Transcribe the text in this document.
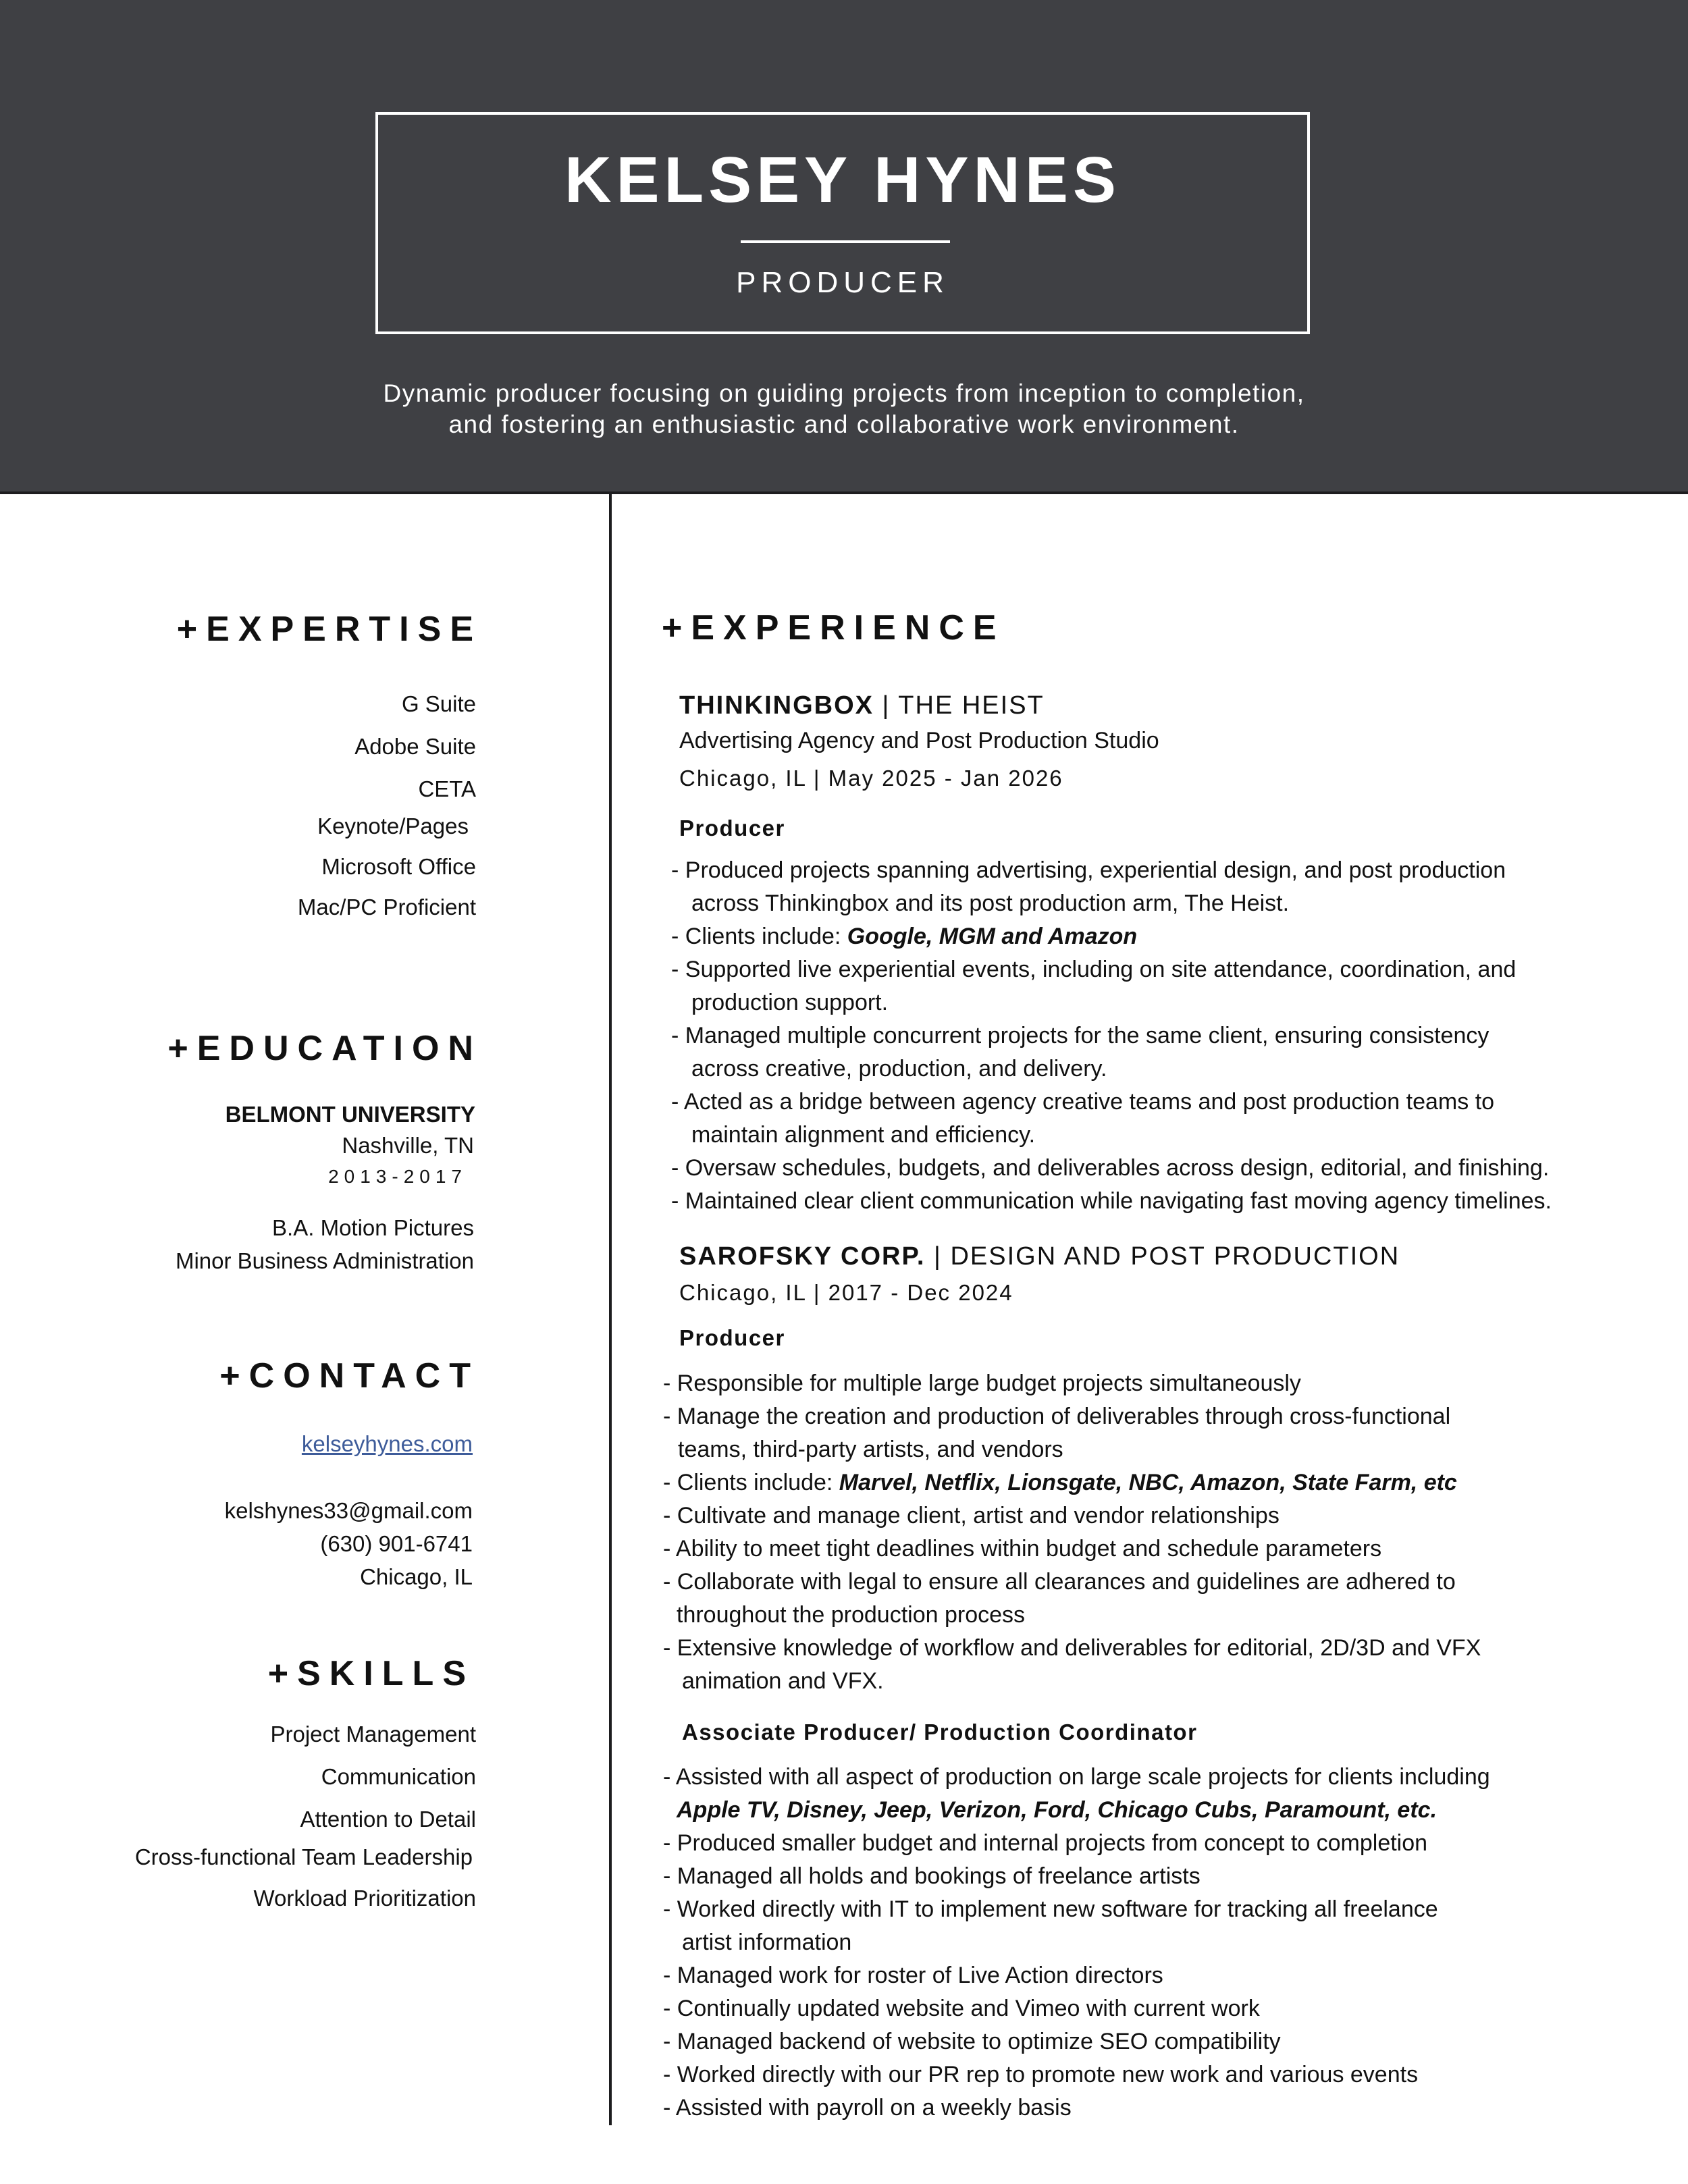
KELSEY HYNES
PRODUCER
Dynamic producer focusing on guiding projects from inception to completion,
and fostering an enthusiastic and collaborative work environment.
+EXPERTISE
G Suite
Adobe Suite
CETA
Keynote/Pages
Microsoft Office
Mac/PC Proficient
+EDUCATION
BELMONT UNIVERSITY
Nashville, TN
2013-2017
B.A. Motion Pictures
Minor Business Administration
+CONTACT
kelseyhynes.com
kelshynes33@gmail.com
(630) 901-6741
Chicago, IL
+SKILLS
Project Management
Communication
Attention to Detail
Cross-functional Team Leadership
Workload Prioritization
+EXPERIENCE
THINKINGBOX | THE HEIST
Advertising Agency and Post Production Studio
Chicago, IL | May 2025 - Jan 2026
Producer
- Produced projects spanning advertising, experiential design, and post production
across Thinkingbox and its post production arm, The Heist.
- Clients include: Google, MGM and Amazon
- Supported live experiential events, including on site attendance, coordination, and
production support.
- Managed multiple concurrent projects for the same client, ensuring consistency
across creative, production, and delivery.
- Acted as a bridge between agency creative teams and post production teams to
maintain alignment and efficiency.
- Oversaw schedules, budgets, and deliverables across design, editorial, and finishing.
- Maintained clear client communication while navigating fast moving agency timelines.
SAROFSKY CORP. | DESIGN AND POST PRODUCTION
Chicago, IL | 2017 - Dec 2024
Producer
- Responsible for multiple large budget projects simultaneously
- Manage the creation and production of deliverables through cross-functional
teams, third-party artists, and vendors
- Clients include: Marvel, Netflix, Lionsgate, NBC, Amazon, State Farm, etc
- Cultivate and manage client, artist and vendor relationships
- Ability to meet tight deadlines within budget and schedule parameters
- Collaborate with legal to ensure all clearances and guidelines are adhered to
throughout the production process
- Extensive knowledge of workflow and deliverables for editorial, 2D/3D and VFX
animation and VFX.
Associate Producer/ Production Coordinator
- Assisted with all aspect of production on large scale projects for clients including
Apple TV, Disney, Jeep, Verizon, Ford, Chicago Cubs, Paramount, etc.
- Produced smaller budget and internal projects from concept to completion
- Managed all holds and bookings of freelance artists
- Worked directly with IT to implement new software for tracking all freelance
artist information
- Managed work for roster of Live Action directors
- Continually updated website and Vimeo with current work
- Managed backend of website to optimize SEO compatibility
- Worked directly with our PR rep to promote new work and various events
- Assisted with payroll on a weekly basis
